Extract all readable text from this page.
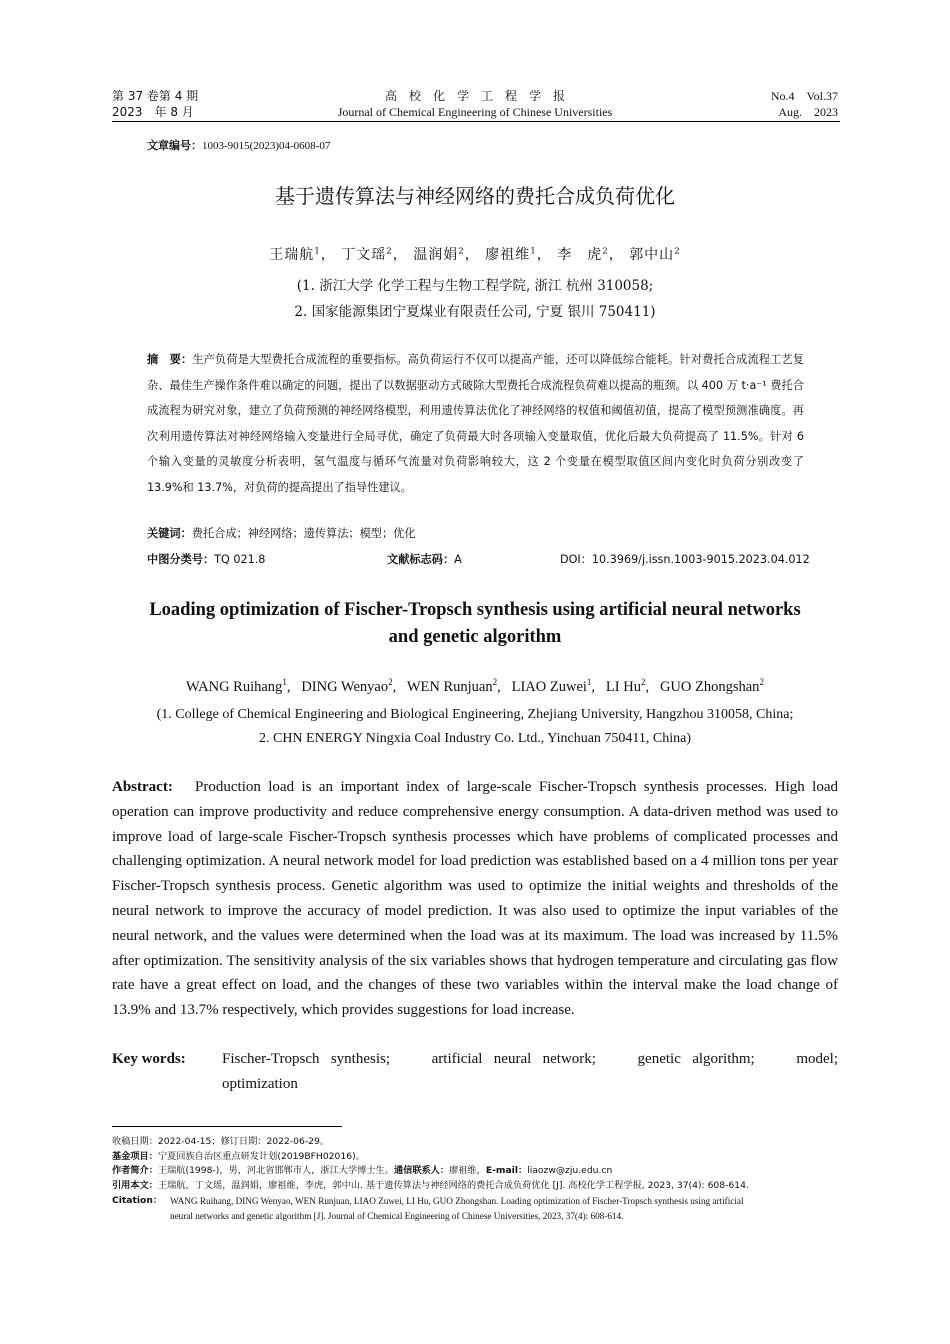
第 37 卷第 4 期
2023　年 8 月
高　校　化　学　工　程　学　报
Journal of Chemical Engineering of Chinese Universities
No.4　Vol.37
Aug.　2023
文章编号：1003-9015(2023)04-0608-07
基于遗传算法与神经网络的费托合成负荷优化
王瑞航$^1$， 丁文瑶$^2$， 温润娟$^2$， 廖祖维$^1$， 李　虎$^2$， 郭中山$^2$
(1. 浙江大学 化学工程与生物工程学院, 浙江 杭州 310058;
2. 国家能源集团宁夏煤业有限责任公司, 宁夏 银川 750411)
摘　要：生产负荷是大型费托合成流程的重要指标。高负荷运行不仅可以提高产能，还可以降低综合能耗。针对费托合成流程工艺复杂、最佳生产操作条件难以确定的问题，提出了以数据驱动方式破除大型费托合成流程负荷难以提高的瓶颈。以 400 万 t·a⁻¹ 费托合成流程为研究对象，建立了负荷预测的神经网络模型，利用遗传算法优化了神经网络的权值和阈值初值，提高了模型预测准确度。再次利用遗传算法对神经网络输入变量进行全局寻优，确定了负荷最大时各项输入变量取值，优化后最大负荷提高了 11.5%。针对 6 个输入变量的灵敏度分析表明，氢气温度与循环气流量对负荷影响较大，这 2 个变量在模型取值区间内变化时负荷分别改变了 13.9%和 13.7%，对负荷的提高提出了指导性建议。
关键词：费托合成；神经网络；遗传算法；模型；优化
中图分类号：TQ 021.8	文献标志码：A	DOI：10.3969/j.issn.1003-9015.2023.04.012
Loading optimization of Fischer-Tropsch synthesis using artificial neural networks
and genetic algorithm
WANG Ruihang$^1$,   DING Wenyao$^2$,   WEN Runjuan$^2$,   LIAO Zuwei$^1$,   LI Hu$^2$,   GUO Zhongshan$^2$
(1. College of Chemical Engineering and Biological Engineering, Zhejiang University, Hangzhou 310058, China;
2. CHN ENERGY Ningxia Coal Industry Co. Ltd., Yinchuan 750411, China)
Abstract: Production load is an important index of large-scale Fischer-Tropsch synthesis processes. High load operation can improve productivity and reduce comprehensive energy consumption. A data-driven method was used to improve load of large-scale Fischer-Tropsch synthesis processes which have problems of complicated processes and challenging optimization. A neural network model for load prediction was established based on a 4 million tons per year Fischer-Tropsch synthesis process. Genetic algorithm was used to optimize the initial weights and thresholds of the neural network to improve the accuracy of model prediction. It was also used to optimize the input variables of the neural network, and the values were determined when the load was at its maximum. The load was increased by 11.5% after optimization. The sensitivity analysis of the six variables shows that hydrogen temperature and circulating gas flow rate have a great effect on load, and the changes of these two variables within the interval make the load change of 13.9% and 13.7% respectively, which provides suggestions for load increase.
Key words:	Fischer-Tropsch synthesis;　 artificial neural network;　 genetic algorithm;　 model;
optimization
收稿日期：2022-04-15；修订日期：2022-06-29。
基金项目：宁夏回族自治区重点研发计划(2019BFH02016)。
作者简介：王瑞航(1998-)，男，河北省邯郸市人，浙江大学博士生。通信联系人：廖祖维，E-mail：liaozw@zju.edu.cn
引用本文：王瑞航，丁文瑶，温润娟，廖祖维，李虎，郭中山. 基于遗传算法与神经网络的费托合成负荷优化 [J]. 高校化学工程学报, 2023, 37(4): 608-614.
Citation： WANG Ruihang, DING Wenyao, WEN Runjuan, LIAO Zuwei, LI Hu, GUO Zhongshan. Loading optimization of Fischer-Tropsch synthesis using artificial
neural networks and genetic algorithm [J]. Journal of Chemical Engineering of Chinese Universities, 2023, 37(4): 608-614.
